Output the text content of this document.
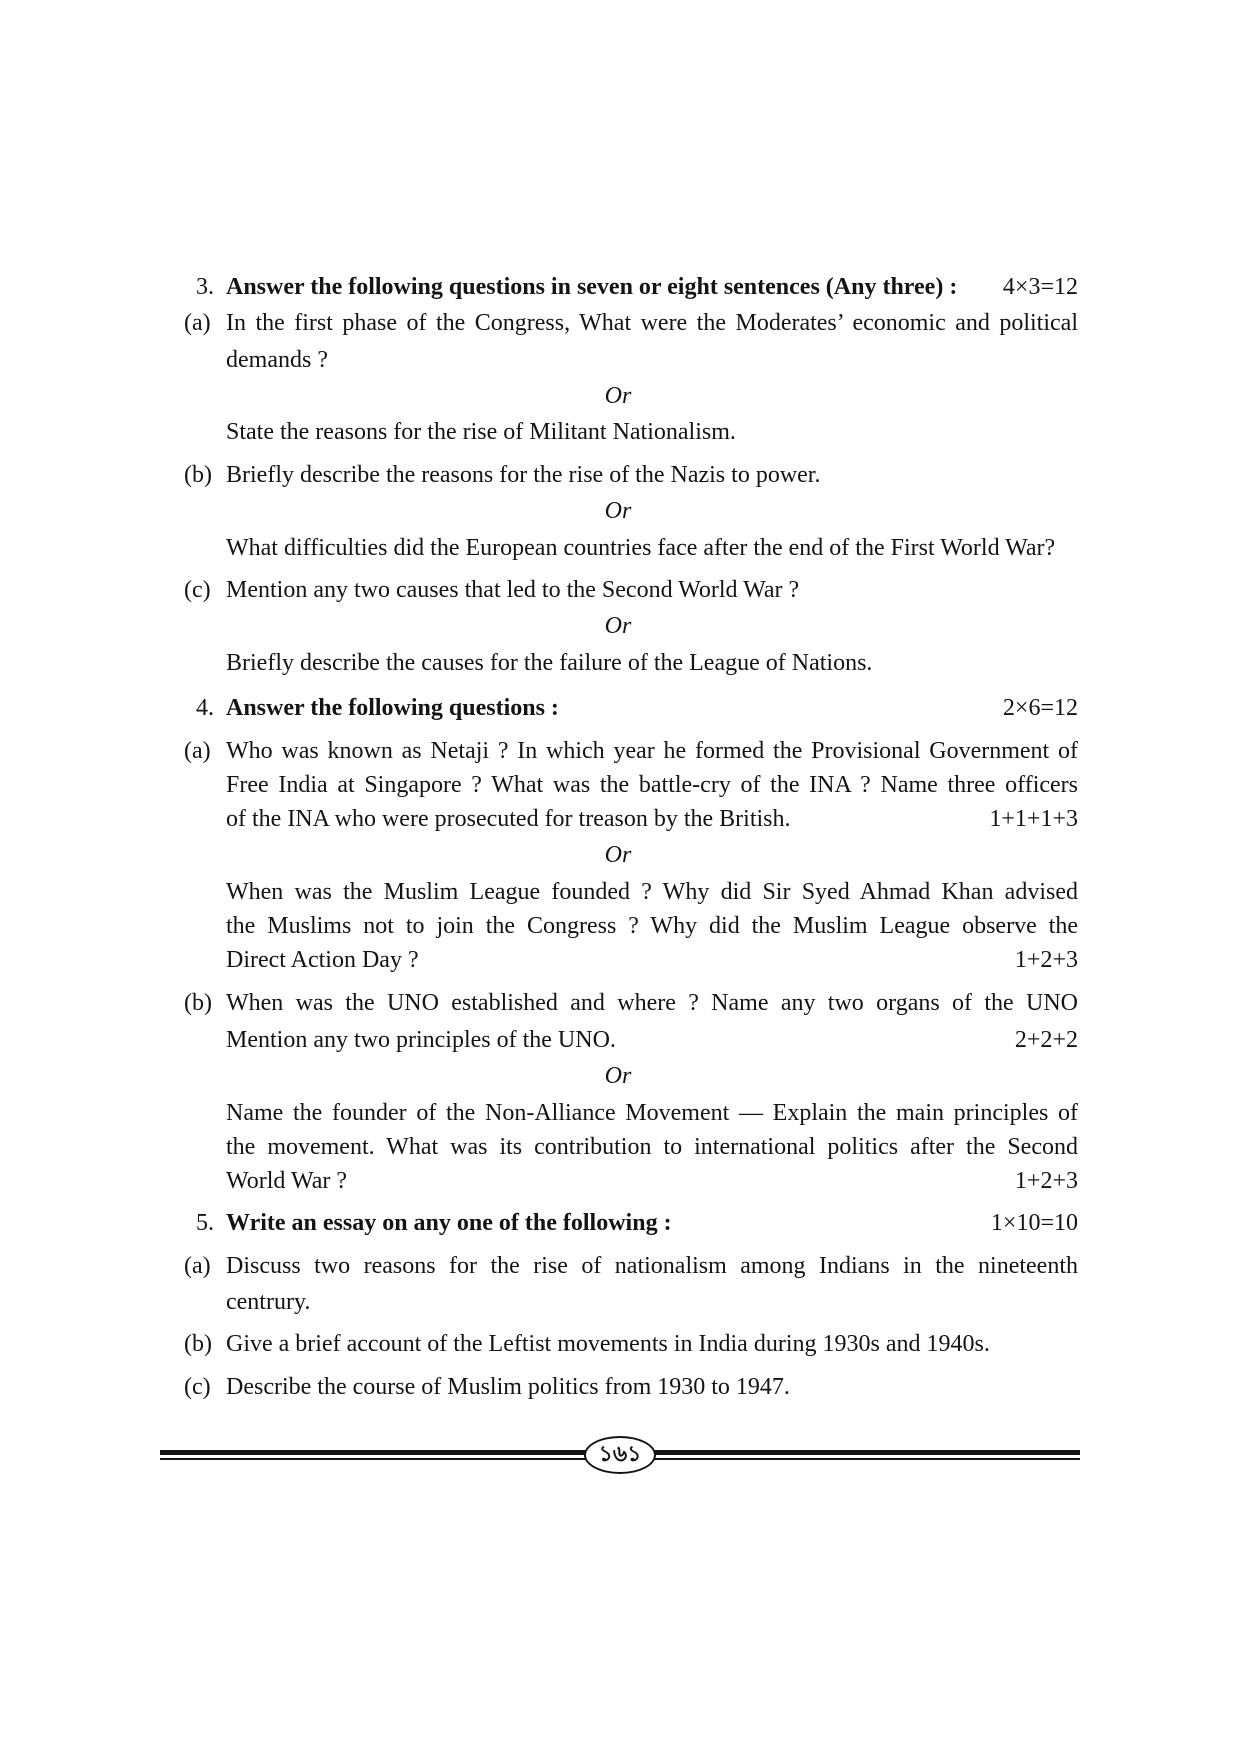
3. Answer the following questions in seven or eight sentences (Any three) : 4×3=12
(a) In the first phase of the Congress, What were the Moderates’ economic and political
demands ?
Or
State the reasons for the rise of Militant Nationalism.
(b) Briefly describe the reasons for the rise of the Nazis to power.
Or
What difficulties did the European countries face after the end of the First World War?
(c) Mention any two causes that led to the Second World War ?
Or
Briefly describe the causes for the failure of the League of Nations.
4. Answer the following questions :	2×6=12
(a) Who was known as Netaji ? In which year he formed the Provisional Government of
Free India at Singapore ? What was the battle-cry of the INA ? Name three officers
of the INA who were prosecuted for treason by the British.	1+1+1+3
Or
When was the Muslim League founded ? Why did Sir Syed Ahmad Khan advised
the Muslims not to join the Congress ? Why did the Muslim League observe the
Direct Action Day ?	1+2+3
(b) When was the UNO established and where ? Name any two organs of the UNO
Mention any two principles of the UNO.	2+2+2
Or
Name the founder of the Non-Alliance Movement — Explain the main principles of
the movement. What was its contribution to international politics after the Second
World War ?	1+2+3
5. Write an essay on any one of the following :	1×10=10
(a) Discuss two reasons for the rise of nationalism among Indians in the nineteenth
centrury.
(b) Give a brief account of the Leftist movements in India during 1930s and 1940s.
(c) Describe the course of Muslim politics from 1930 to 1947.
১৬১
